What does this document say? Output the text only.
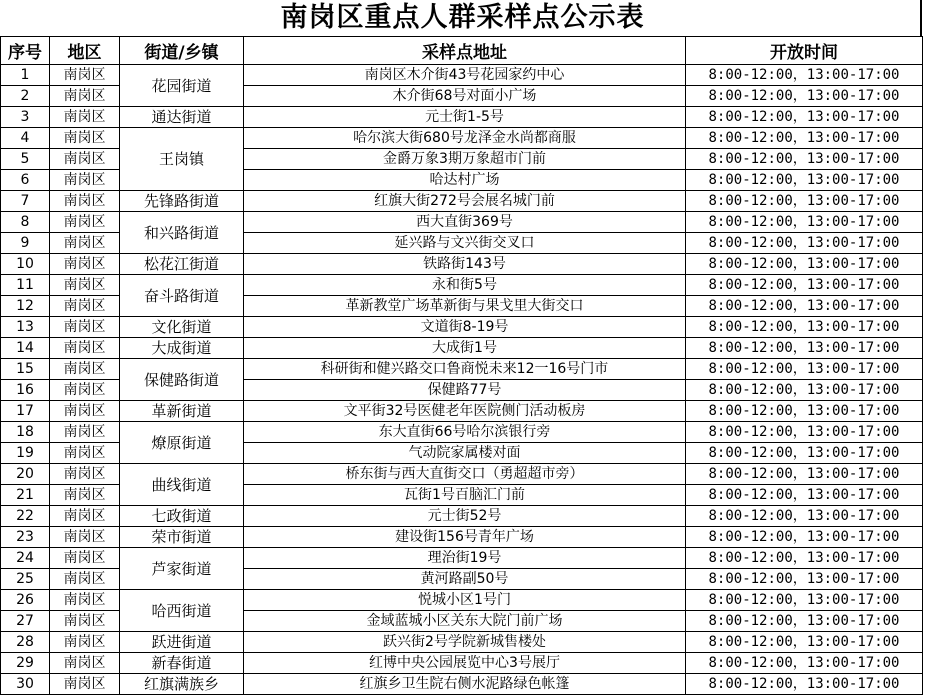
南岗区重点人群采样点公示表
序号	地区	街道/乡镇	采样点地址	开放时间
1	南岗区	花园街道	南岗区木介街43号花园家约中心	8:00-12:00，13:00-17:00
2	南岗区		木介街68号对面小广场	8:00-12:00，13:00-17:00
3	南岗区	通达街道	元士街1-5号	8:00-12:00，13:00-17:00
4	南岗区	王岗镇	哈尔滨大街680号龙泽金水尚都商服	8:00-12:00，13:00-17:00
5	南岗区		金爵万象3期万象超市门前	8:00-12:00，13:00-17:00
6	南岗区		哈达村广场	8:00-12:00，13:00-17:00
7	南岗区	先锋路街道	红旗大街272号会展名城门前	8:00-12:00，13:00-17:00
8	南岗区	和兴路街道	西大直街369号	8:00-12:00，13:00-17:00
9	南岗区		延兴路与文兴街交叉口	8:00-12:00，13:00-17:00
10	南岗区	松花江街道	铁路街143号	8:00-12:00，13:00-17:00
11	南岗区	奋斗路街道	永和街5号	8:00-12:00，13:00-17:00
12	南岗区		革新教堂广场革新街与果戈里大街交口	8:00-12:00，13:00-17:00
13	南岗区	文化街道	文道街8-19号	8:00-12:00，13:00-17:00
14	南岗区	大成街道	大成街1号	8:00-12:00，13:00-17:00
15	南岗区	保健路街道	科研街和健兴路交口鲁商悦未来12一16号门市	8:00-12:00，13:00-17:00
16	南岗区		保健路77号	8:00-12:00，13:00-17:00
17	南岗区	革新街道	文平街32号医健老年医院侧门活动板房	8:00-12:00，13:00-17:00
18	南岗区	燎原街道	东大直街66号哈尔滨银行旁	8:00-12:00，13:00-17:00
19	南岗区		气动院家属楼对面	8:00-12:00，13:00-17:00
20	南岗区	曲线街道	桥东街与西大直街交口（勇超超市旁）	8:00-12:00，13:00-17:00
21	南岗区		瓦街1号百脑汇门前	8:00-12:00，13:00-17:00
22	南岗区	七政街道	元士街52号	8:00-12:00，13:00-17:00
23	南岗区	荣市街道	建设街156号青年广场	8:00-12:00，13:00-17:00
24	南岗区	芦家街道	理治街19号	8:00-12:00，13:00-17:00
25	南岗区		黄河路副50号	8:00-12:00，13:00-17:00
26	南岗区	哈西街道	悦城小区1号门	8:00-12:00，13:00-17:00
27	南岗区		金域蓝城小区关东大院门前广场	8:00-12:00，13:00-17:00
28	南岗区	跃进街道	跃兴街2号学院新城售楼处	8:00-12:00，13:00-17:00
29	南岗区	新春街道	红博中央公园展览中心3号展厅	8:00-12:00，13:00-17:00
30	南岗区	红旗满族乡	红旗乡卫生院右侧水泥路绿色帐篷	8:00-12:00，13:00-17:00
